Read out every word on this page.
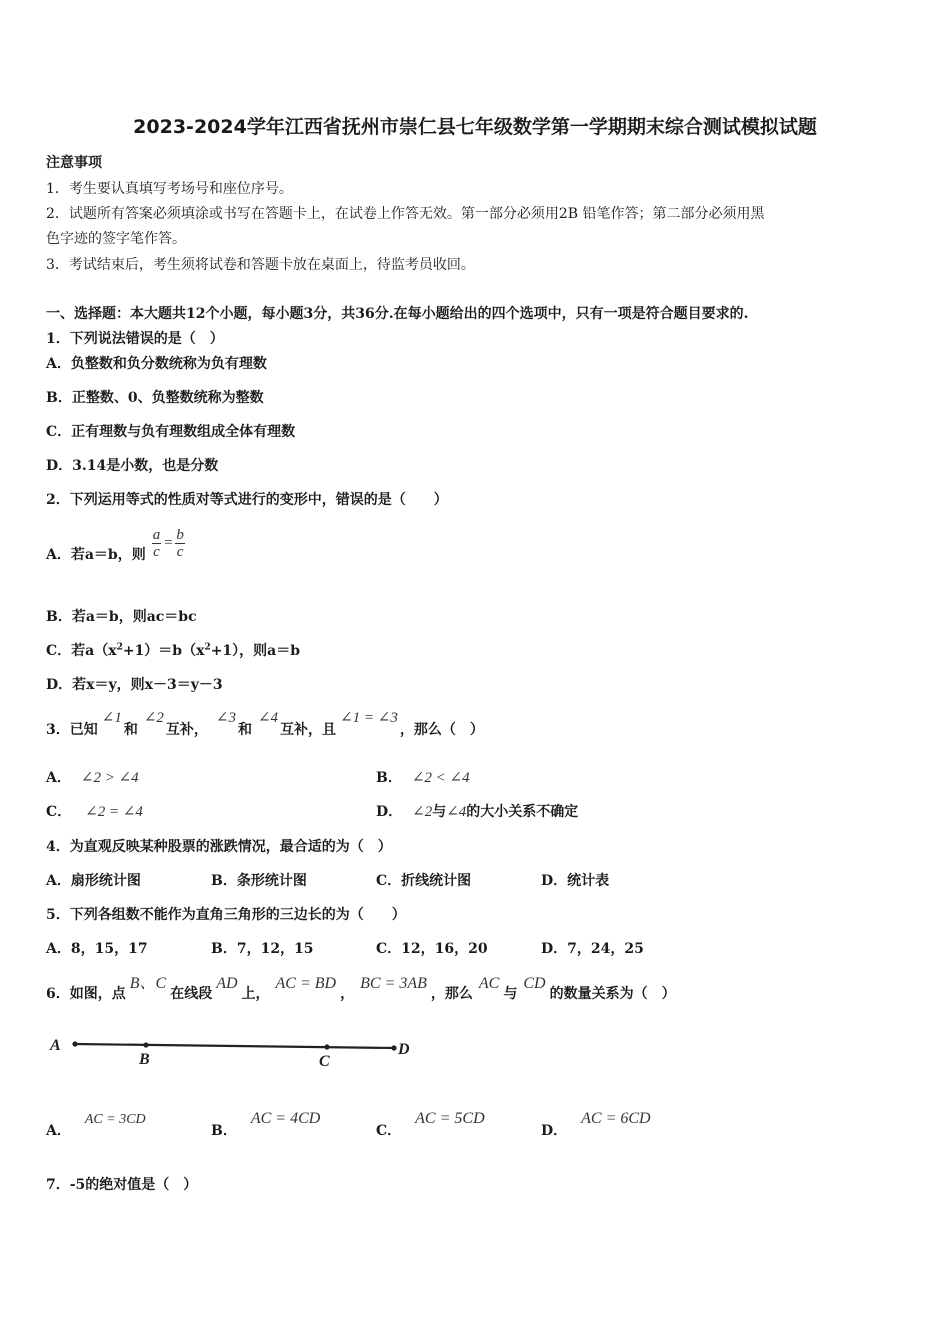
2023-2024学年江西省抚州市崇仁县七年级数学第一学期期末综合测试模拟试题
注意事项
1．考生要认真填写考场号和座位序号。
2．试题所有答案必须填涂或书写在答题卡上，在试卷上作答无效。第一部分必须用2B 铅笔作答；第二部分必须用黑
色字迹的签字笔作答。
3．考试结束后，考生须将试卷和答题卡放在桌面上，待监考员收回。
一、选择题：本大题共12个小题，每小题3分，共36分.在每小题给出的四个选项中，只有一项是符合题目要求的.
1．下列说法错误的是（　）
A．负整数和负分数统称为负有理数
B．正整数、0、负整数统称为整数
C．正有理数与负有理数组成全体有理数
D．3.14是小数，也是分数
2．下列运用等式的性质对等式进行的变形中，错误的是（　　）
A．若a＝b，则 $\frac{a}{c} = \frac{b}{c}$
B．若a＝b，则ac＝bc
C．若$a(x^2+1)=b(x^2+1)$，则a＝b
D．若x＝y，则x－3＝y－3
3．已知
∠1
和
∠2
互补，
∠3
和
∠4
互补，且
∠1 = ∠3
，那么（　）
A． ∠2 > ∠4	B． ∠2 < ∠4
C． ∠2 = ∠4	D． ∠2与∠4的大小关系不确定
4．为直观反映某种股票的涨跌情况，最合适的为（　）
A．扇形统计图	B．条形统计图	C．折线统计图	D．统计表
5．下列各组数不能作为直角三角形的三边长的为（　　）
A．8，15，17	B．7，12，15	C．12，16，20	D．7，24，25
6．如图，点
B、C
在线段
AD
上，
AC = BD
，
BC = 3AB
，那么
AC
与
CD
的数量关系为（　）
A
B	C
D
A．
AC = 3CD
B．
AC = 4CD
C．
AC = 5CD
D．
AC = 6CD
7．-5的绝对值是（　）
